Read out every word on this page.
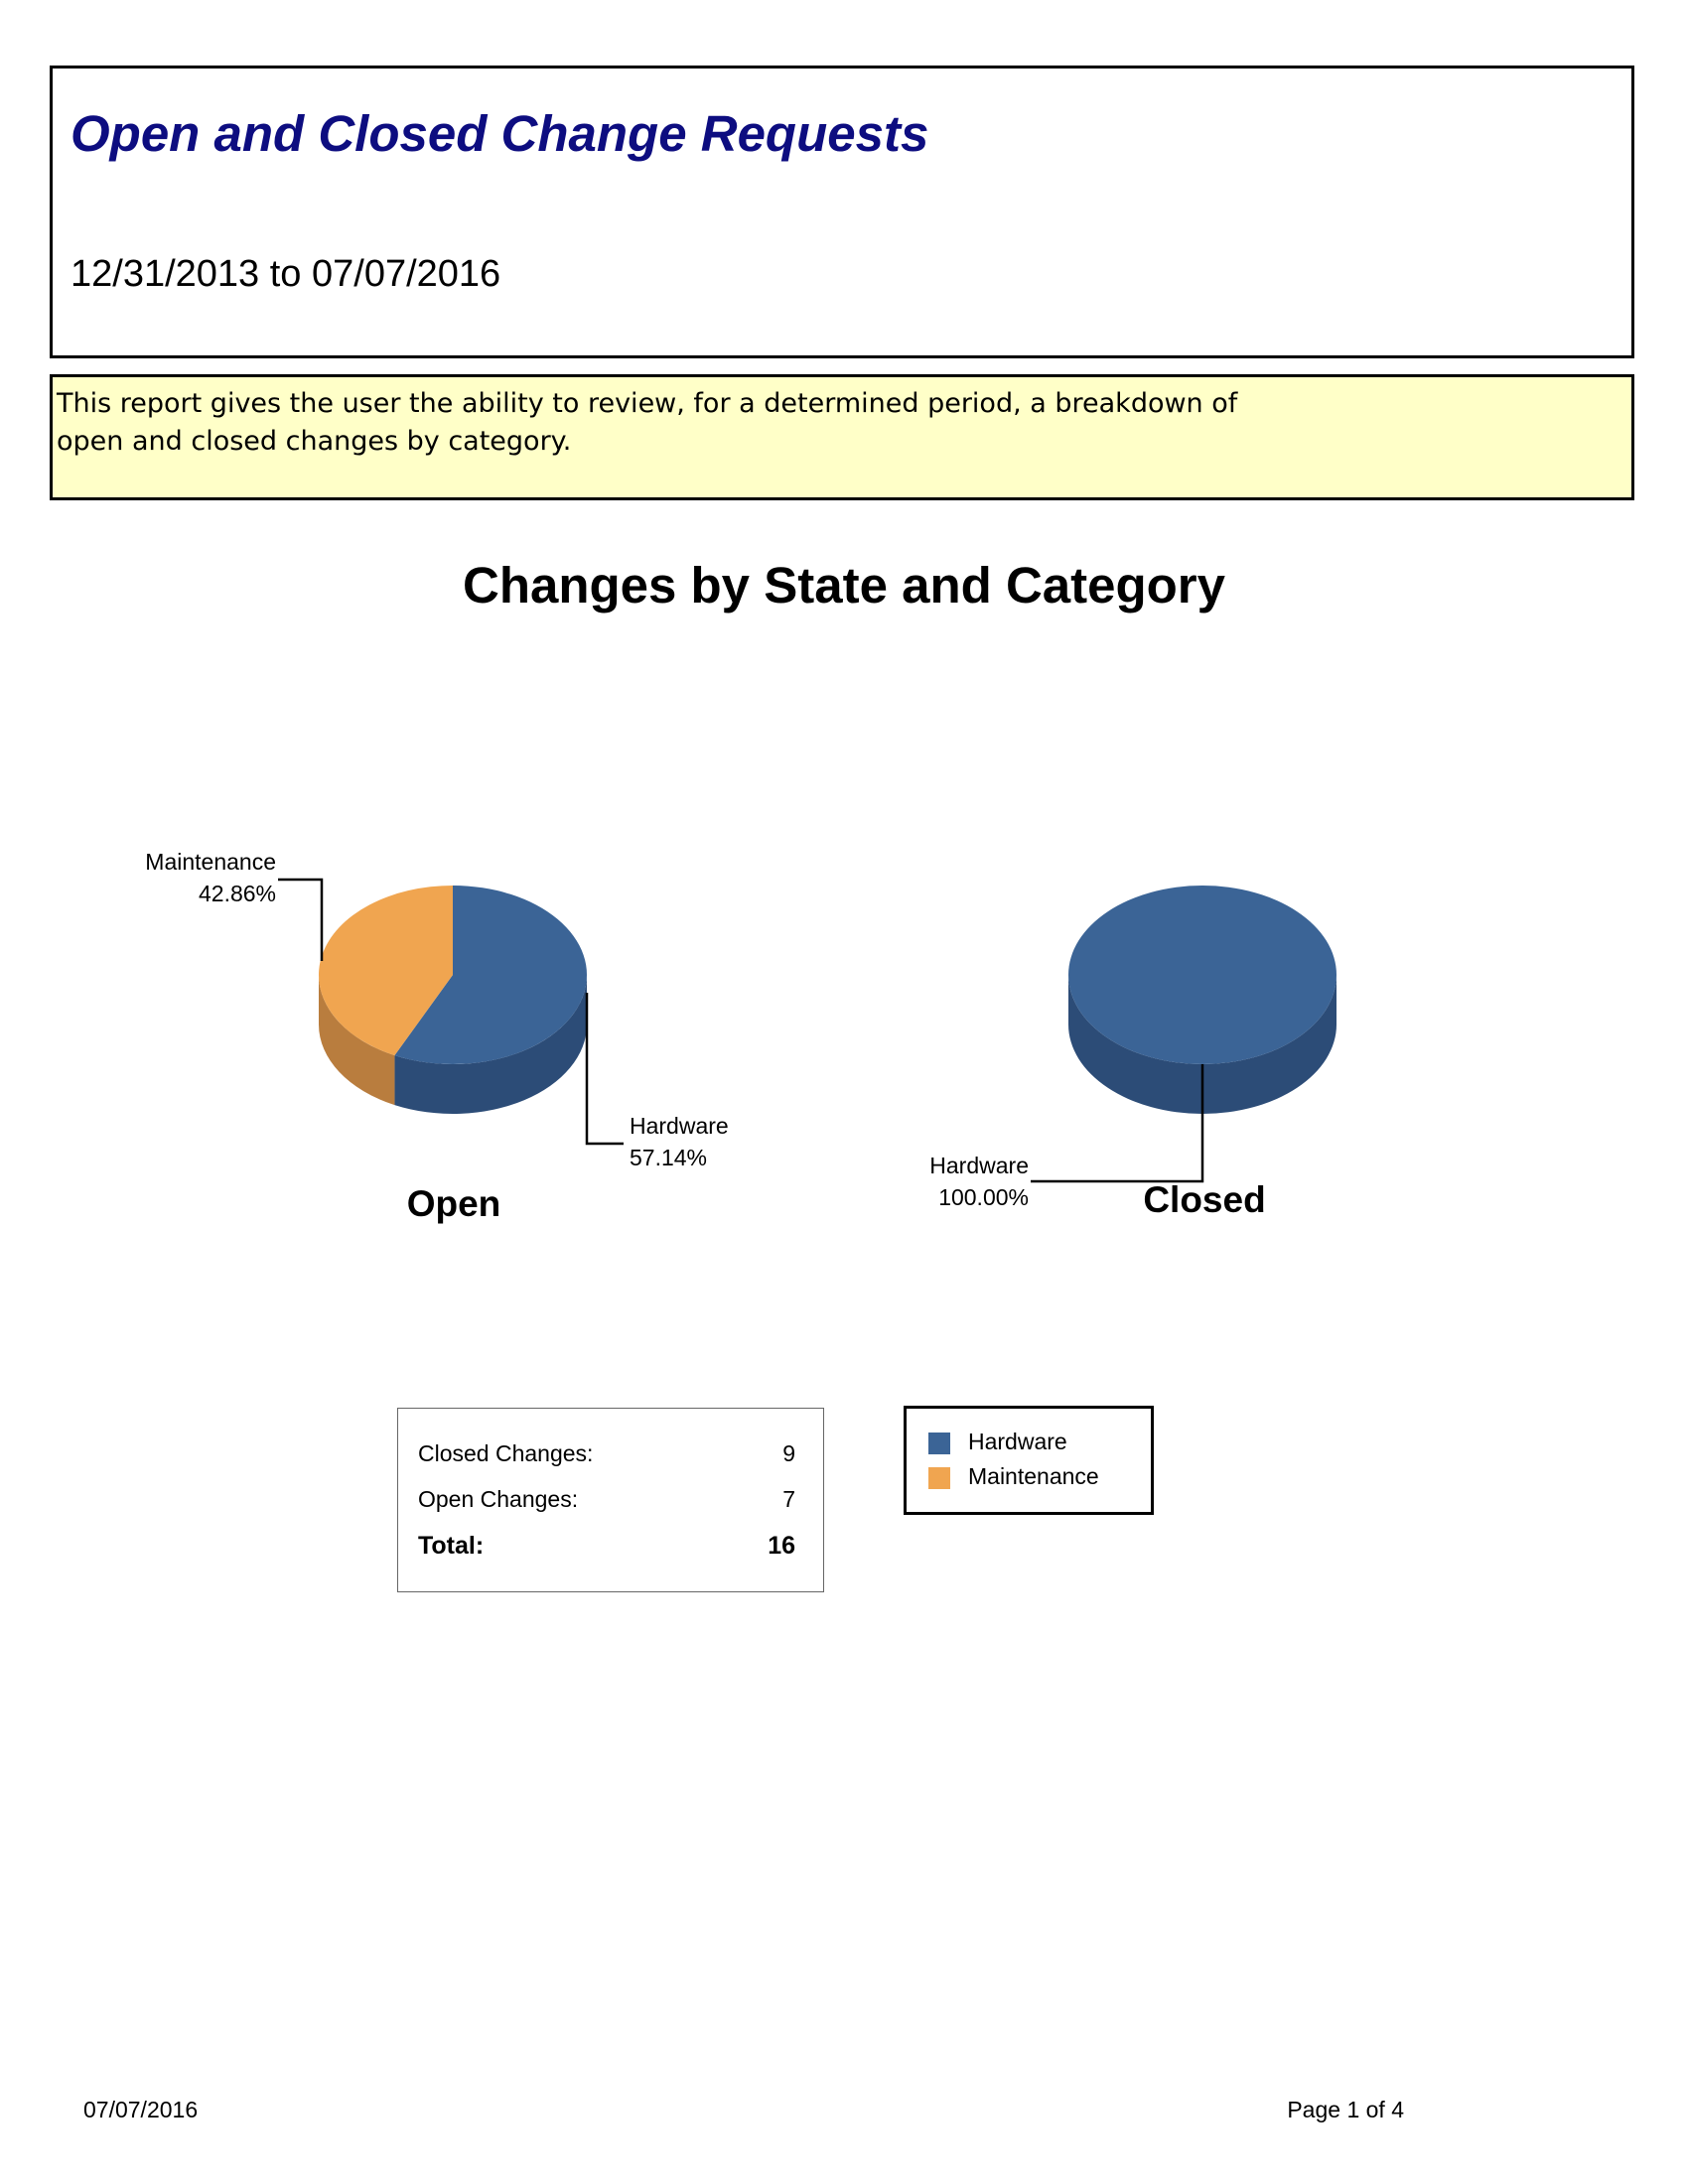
Open and Closed Change Requests
12/31/2013 to 07/07/2016
This report gives the user the ability to review, for a determined period, a breakdown of open and closed changes by category.
Changes by State and Category
Maintenance
42.86%
Hardware
57.14%
Open
Hardware
100.00%	Closed
Closed Changes:	9
Open Changes:	7
Total:	16
Hardware
Maintenance
07/07/2016	Page 1 of 4
